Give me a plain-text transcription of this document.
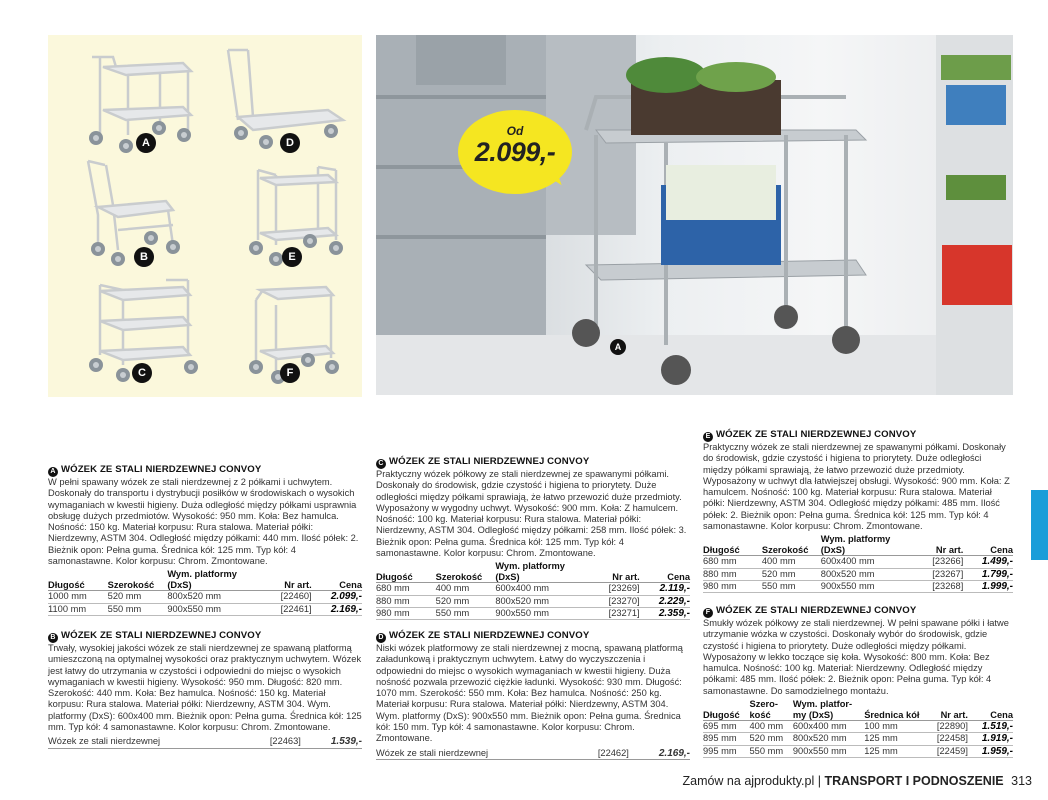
A	D
B	E
C	F
A
Od
2.099,-
A WÓZEK ZE STALI NIERDZEWNEJ CONVOY

W pełni spawany wózek ze stali nierdzewnej z 2 półkami i uchwytem. Doskonały do transportu i dystrybucji posiłków w środowiskach o wysokich wymaganiach w kwestii higieny. Duża odległość między półkami usprawnia obsługę dużych przedmiotów. Wysokość: 950 mm. Koła: Bez hamulca. Nośność: 150 kg. Materiał korpusu: Rura stalowa. Materiał półki: Nierdzewny, ASTM 304. Odległość między półkami: 440 mm. Ilość półek: 2. Bieżnik opon: Pełna guma. Średnica kół: 125 mm. Typ kół: 4 samonastawne. Kolor korpusu: Chrom. Zmontowane.

Długość	Szerokość	Wym. platformy (DxS)	Nr art.	Cena
1000 mm	520 mm	800x520 mm	[22460]	2.099,-
1100 mm	550 mm	900x550 mm	[22461]	2.169,-
B WÓZEK ZE STALI NIERDZEWNEJ CONVOY

Trwały, wysokiej jakości wózek ze stali nierdzewnej ze spawaną platformą umieszczoną na optymalnej wysokości oraz praktycznym uchwytem. Wózek jest łatwy do utrzymania w czystości i odpowiedni do miejsc o wysokich wymaganiach w kwestii higieny. Wysokość: 950 mm. Długość: 820 mm. Szerokość: 440 mm. Koła: Bez hamulca. Nośność: 150 kg. Materiał korpusu: Rura stalowa. Materiał półki: Nierdzewny, ASTM 304. Wym. platformy (DxS): 600x400 mm. Bieżnik opon: Pełna guma. Średnica kół: 125 mm. Typ kół: 4 samonastawne. Kolor korpusu: Chrom. Zmontowane.

Wózek ze stali nierdzewnej	[22463]	1.539,-
C WÓZEK ZE STALI NIERDZEWNEJ CONVOY

Praktyczny wózek półkowy ze stali nierdzewnej ze spawanymi półkami. Doskonały do środowisk, gdzie czystość i higiena to priorytety. Duże odległości między półkami sprawiają, że łatwo przewozić duże przedmioty. Wyposażony w wygodny uchwyt. Wysokość: 900 mm. Koła: Z hamulcem. Nośność: 100 kg. Materiał korpusu: Rura stalowa. Materiał półki: Nierdzewny, ASTM 304. Odległość między półkami: 258 mm. Ilość półek: 3. Bieżnik opon: Pełna guma. Średnica kół: 125 mm. Typ kół: 4 samonastawne. Kolor korpusu: Chrom. Zmontowane.

Długość	Szerokość	Wym. platformy (DxS)	Nr art.	Cena
680 mm	400 mm	600x400 mm	[23269]	2.119,-
880 mm	520 mm	800x520 mm	[23270]	2.229,-
980 mm	550 mm	900x550 mm	[23271]	2.359,-
D WÓZEK ZE STALI NIERDZEWNEJ CONVOY

Niski wózek platformowy ze stali nierdzewnej z mocną, spawaną platformą załadunkową i praktycznym uchwytem. Łatwy do wyczyszczenia i odpowiedni do miejsc o wysokich wymaganiach w kwestii higieny. Duża nośność pozwala przewozić ciężkie ładunki. Wysokość: 930 mm. Długość: 1070 mm. Szerokość: 550 mm. Koła: Bez hamulca. Nośność: 250 kg. Materiał korpusu: Rura stalowa. Materiał półki: Nierdzewny, ASTM 304. Wym. platformy (DxS): 900x550 mm. Bieżnik opon: Pełna guma. Średnica kół: 150 mm. Typ kół: 4 samonastawne. Kolor korpusu: Chrom. Zmontowane.

Wózek ze stali nierdzewnej	[22462]	2.169,-
E WÓZEK ZE STALI NIERDZEWNEJ CONVOY

Praktyczny wózek ze stali nierdzewnej ze spawanymi półkami. Doskonały do środowisk, gdzie czystość i higiena to priorytety. Duże odległości między półkami sprawiają, że łatwo przewozić duże przedmioty. Wyposażony w uchwyt dla łatwiejszej obsługi. Wysokość: 900 mm. Koła: Z hamulcem. Nośność: 100 kg. Materiał korpusu: Rura stalowa. Materiał półki: Nierdzewny, ASTM 304. Odległość między półkami: 485 mm. Ilość półek: 2. Bieżnik opon: Pełna guma. Średnica kół: 125 mm. Typ kół: 4 samonastawne. Kolor korpusu: Chrom. Zmontowane.

Długość	Szerokość	Wym. platformy (DxS)	Nr art.	Cena
680 mm	400 mm	600x400 mm	[23266]	1.499,-
880 mm	520 mm	800x520 mm	[23267]	1.799,-
980 mm	550 mm	900x550 mm	[23268]	1.999,-
F WÓZEK ZE STALI NIERDZEWNEJ CONVOY

Smukły wózek półkowy ze stali nierdzewnej. W pełni spawane półki i łatwe utrzymanie wózka w czystości. Doskonały wybór do środowisk, gdzie czystość i higiena to priorytety. Duże odległości między półkami. Wyposażony w lekko toczące się koła. Wysokość: 800 mm. Koła: Bez hamulca. Nośność: 100 kg. Materiał: Nierdzewny. Odległość między półkami: 485 mm. Ilość półek: 2. Bieżnik opon: Pełna guma. Typ kół: 4 samonastawne. Do samodzielnego montażu.

Długość	Szero- kość	Wym. platfor- my (DxS)	Średnica kół	Nr art.	Cena
695 mm	400 mm	600x400 mm	100 mm	[22890]	1.519,-
895 mm	520 mm	800x520 mm	125 mm	[22458]	1.919,-
995 mm	550 mm	900x550 mm	125 mm	[22459]	1.959,-
Zamów na ajprodukty.pl | TRANSPORT I PODNOSZENIE 313
